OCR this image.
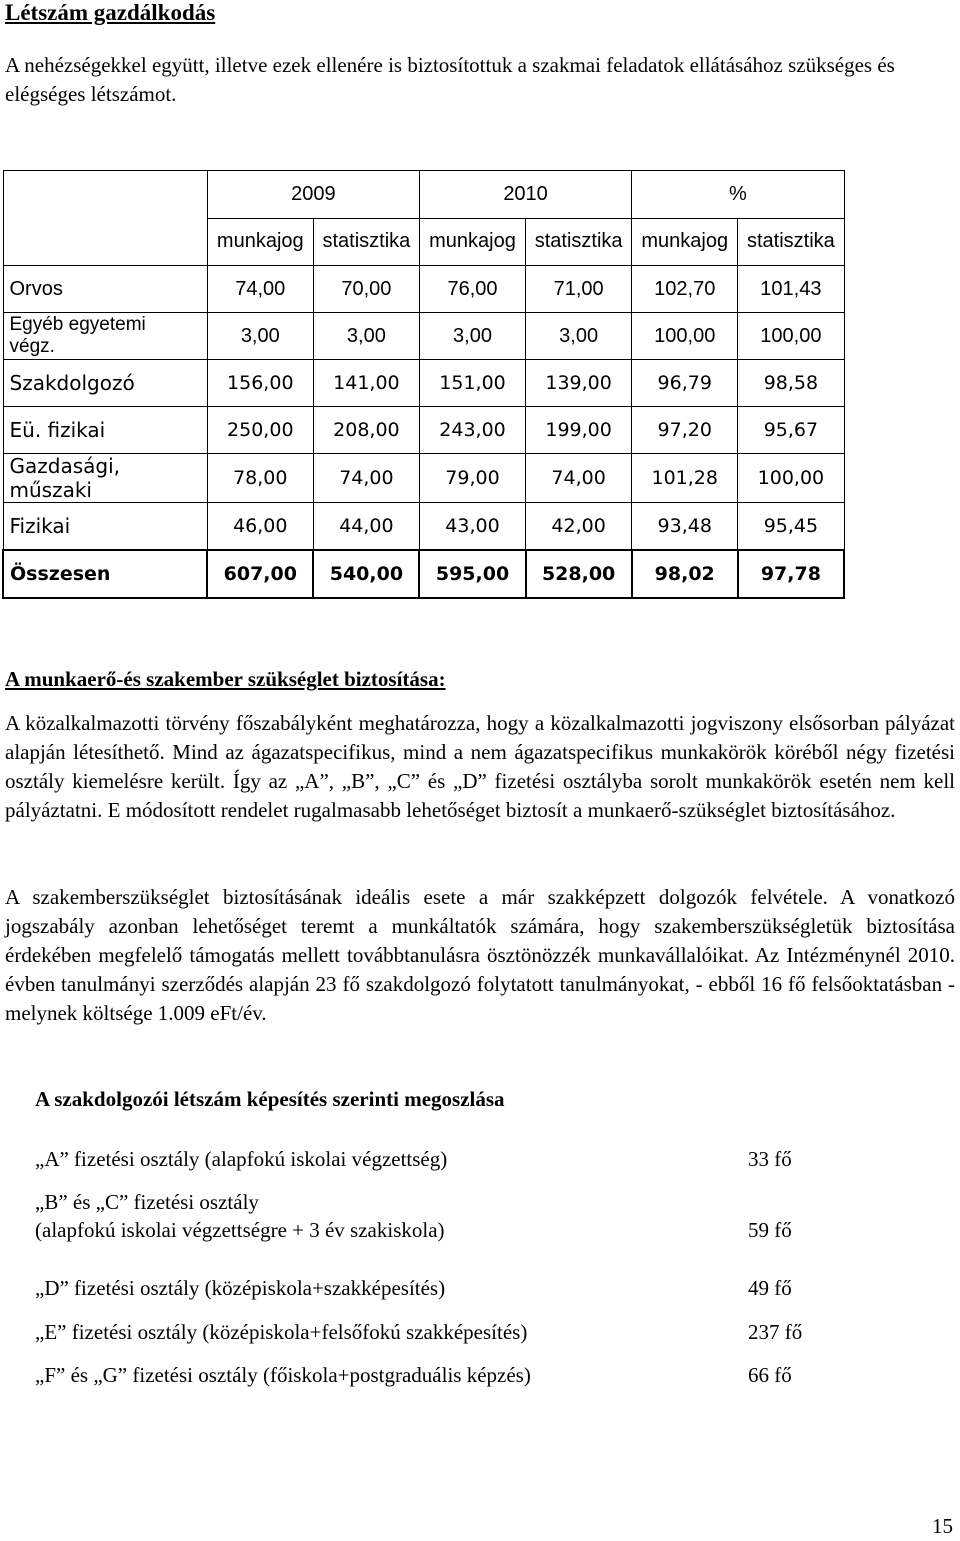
Létszám gazdálkodás

A nehézségekkel együtt, illetve ezek ellenére is biztosítottuk a szakmai feladatok ellátásához szükséges és elégséges létszámot.

	2009		2010		%	
	munkajog	statisztika	munkajog	statisztika	munkajog	statisztika
Orvos	74,00	70,00	76,00	71,00	102,70	101,43
Egyéb egyetemi végz.	3,00	3,00	3,00	3,00	100,00	100,00
Szakdolgozó	156,00	141,00	151,00	139,00	96,79	98,58
Eü. fizikai	250,00	208,00	243,00	199,00	97,20	95,67
Gazdasági, műszaki	78,00	74,00	79,00	74,00	101,28	100,00
Fizikai	46,00	44,00	43,00	42,00	93,48	95,45
Összesen	607,00	540,00	595,00	528,00	98,02	97,78
A munkaerő-és szakember szükséglet biztosítása:

A közalkalmazotti törvény főszabályként meghatározza, hogy a közalkalmazotti jogviszony elsősorban pályázat alapján létesíthető. Mind az ágazatspecifikus, mind a nem ágazatspecifikus munkakörök köréből négy fizetési osztály kiemelésre került. Így az „A”, „B”, „C” és „D” fizetési osztályba sorolt munkakörök esetén nem kell pályáztatni. E módosított rendelet rugalmasabb lehetőséget biztosít a munkaerő-szükséglet biztosításához.

A szakemberszükséglet biztosításának ideális esete a már szakképzett dolgozók felvétele. A vonatkozó jogszabály azonban lehetőséget teremt a munkáltatók számára, hogy szakemberszükségletük biztosítása érdekében megfelelő támogatás mellett továbbtanulásra ösztönözzék munkavállalóikat. Az Intézménynél 2010. évben tanulmányi szerződés alapján 23 fő szakdolgozó folytatott tanulmányokat, - ebből 16 fő felsőoktatásban - melynek költsége 1.009 eFt/év.

A szakdolgozói létszám képesítés szerinti megoszlása
„A” fizetési osztály (alapfokú iskolai végzettség)	33 fő
„B” és „C” fizetési osztály
(alapfokú iskolai végzettségre + 3 év szakiskola)	59 fő
„D” fizetési osztály (középiskola+szakképesítés)	49 fő
„E” fizetési osztály (középiskola+felsőfokú szakképesítés)	237 fő
„F” és „G” fizetési osztály (főiskola+postgraduális képzés)	66 fő
15
